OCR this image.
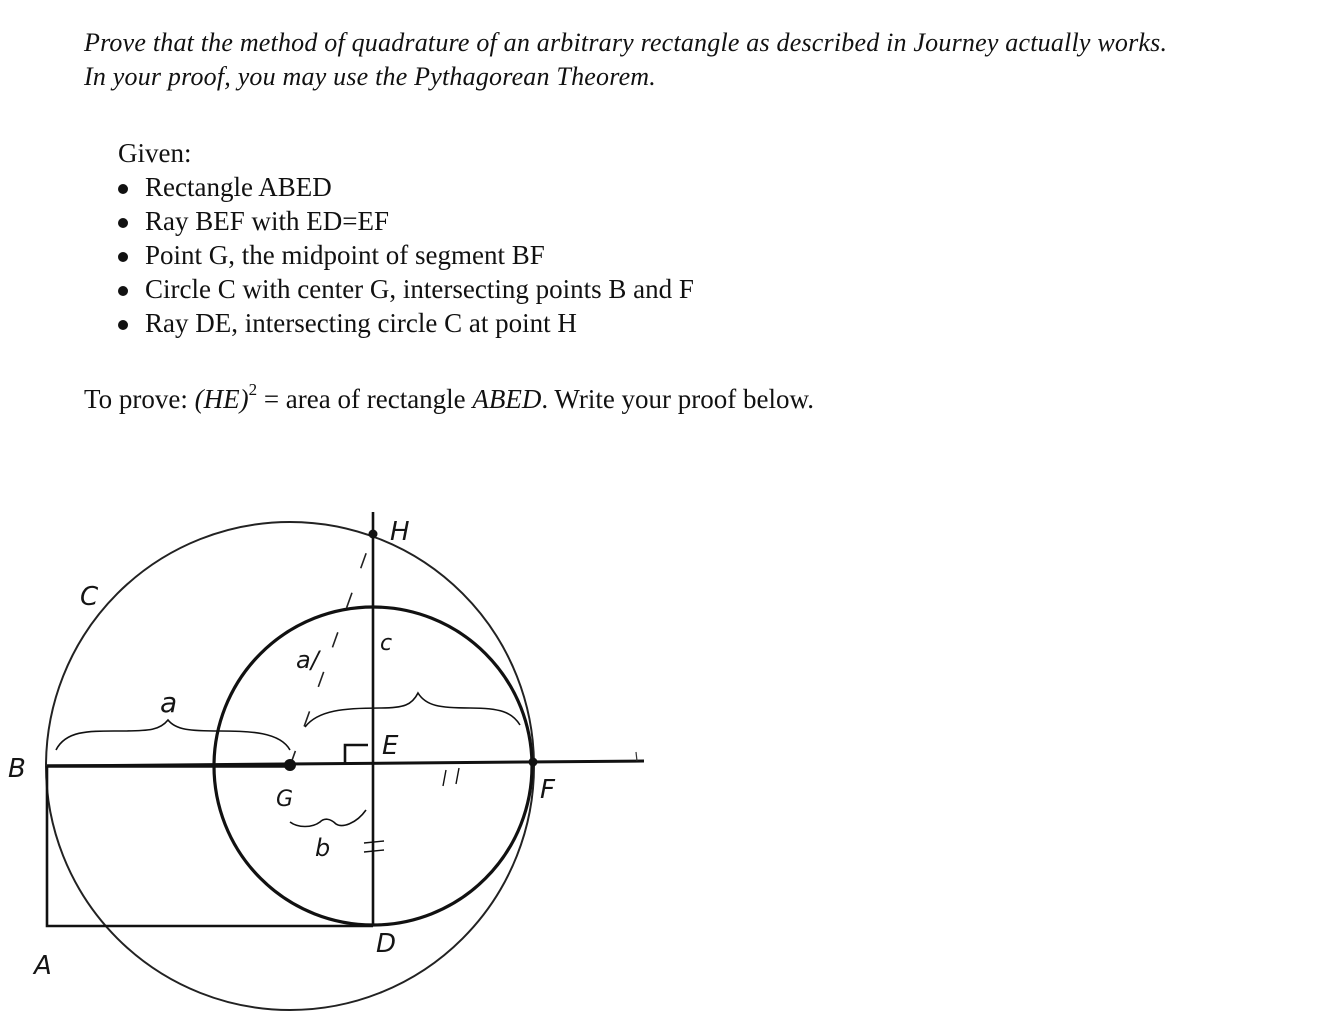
Prove that the method of quadrature of an arbitrary rectangle as described in Journey actually works.
In your proof, you may use the Pythagorean Theorem.
Given:
Rectangle ABED
Ray BEF with ED=EF
Point G, the midpoint of segment BF
Circle C with center G, intersecting points B and F
Ray DE, intersecting circle C at point H
To prove: (HE)$^2$ = area of rectangle ABED. Write your proof below.
C
H
B
A
D
E
F
G
a
a/
b
c
